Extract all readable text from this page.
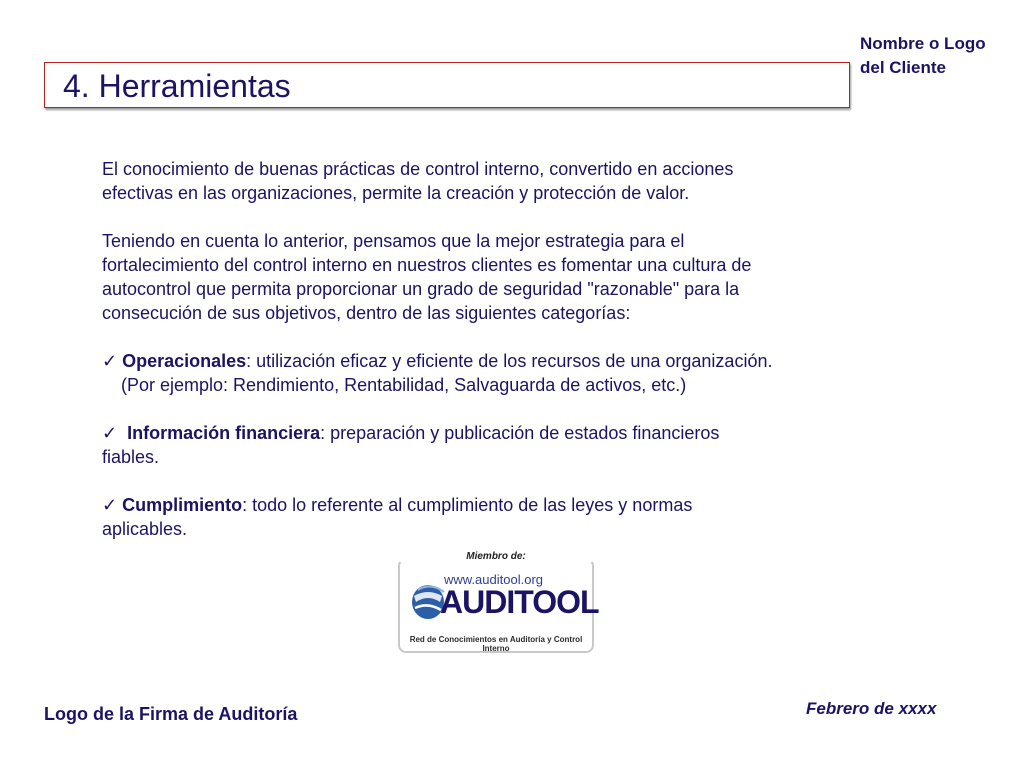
Nombre o Logo
del Cliente
4. Herramientas

El conocimiento de buenas prácticas de control interno, convertido en acciones

efectivas en las organizaciones, permite la creación y protección de valor.

Teniendo en cuenta lo anterior, pensamos que la mejor estrategia para el

fortalecimiento del control interno en nuestros clientes es fomentar una cultura de

autocontrol que permita proporcionar un grado de seguridad "razonable" para la

consecución de sus objetivos, dentro de las siguientes categorías:

✓ Operacionales: utilización eficaz y eficiente de los recursos de una organización.

(Por ejemplo: Rendimiento, Rentabilidad, Salvaguarda de activos, etc.)

✓ Información financiera: preparación y publicación de estados financieros

fiables.

✓ Cumplimiento: todo lo referente al cumplimiento de las leyes y normas

aplicables.

www.auditool.org
AUDITOOL
Red de Conocimientos en Auditoría y Control Interno
Miembro de:
Logo de la Firma de Auditoría	Febrero de xxxx
